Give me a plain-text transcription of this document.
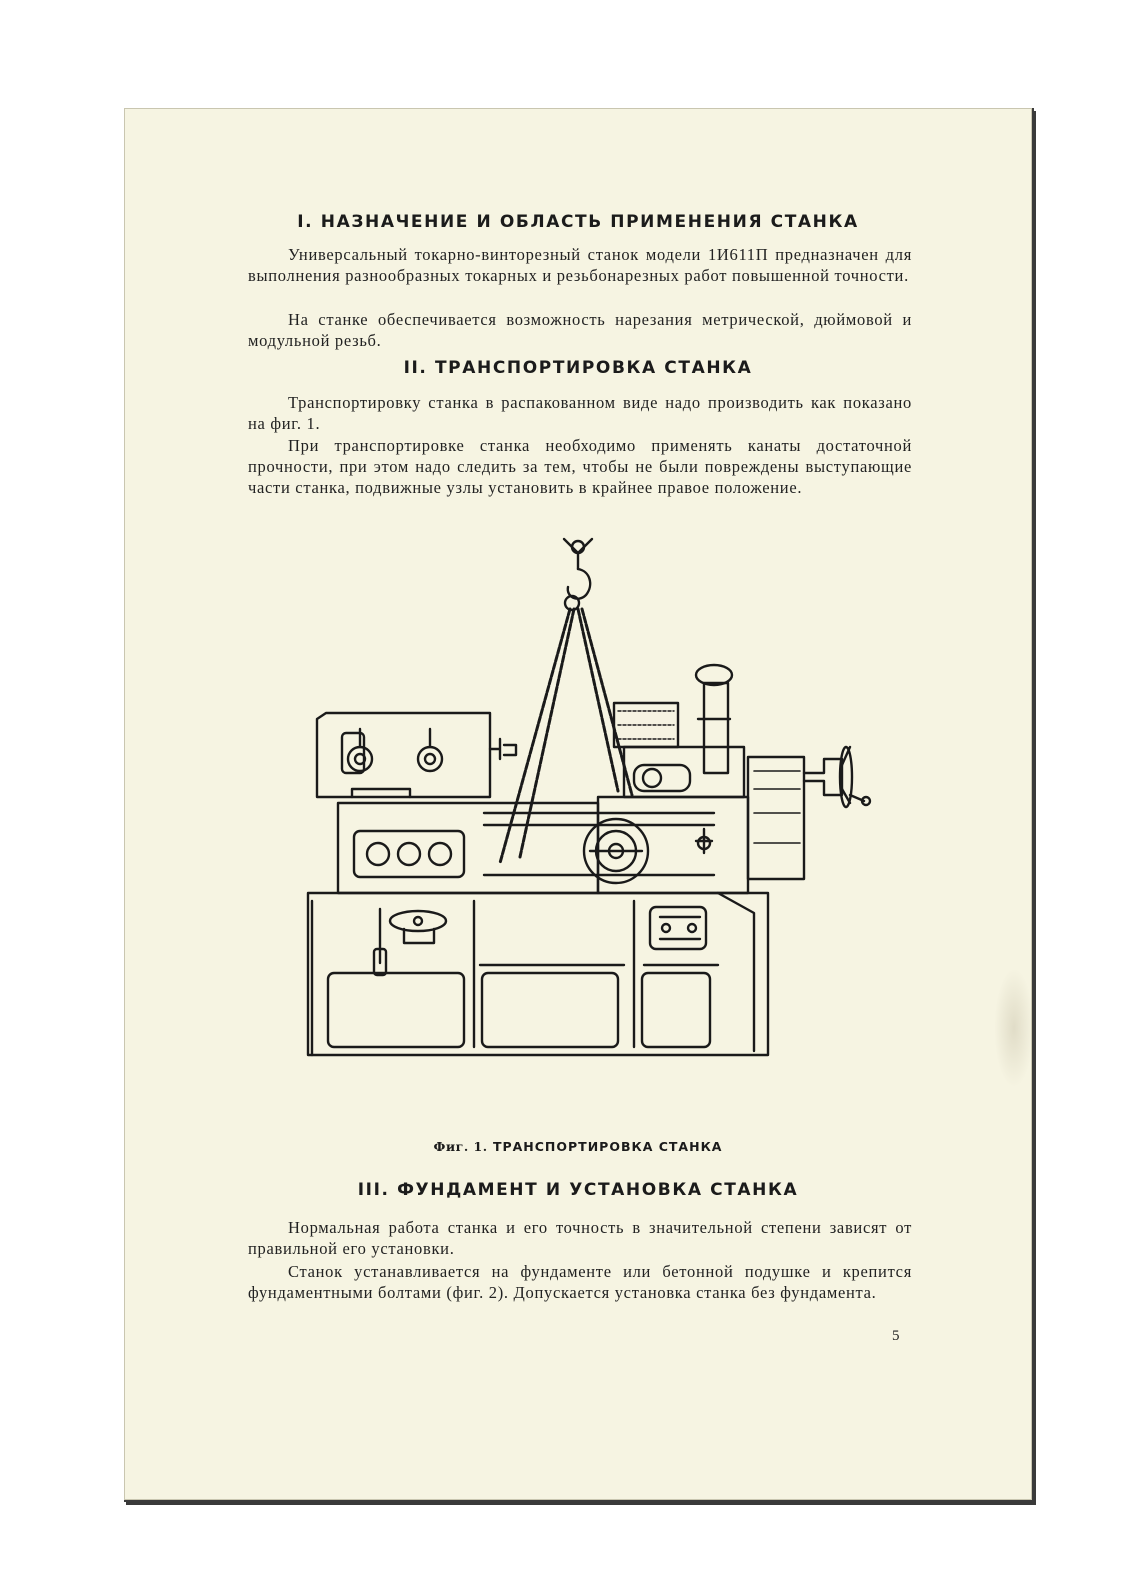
I. НАЗНАЧЕНИЕ И ОБЛАСТЬ ПРИМЕНЕНИЯ СТАНКА

Универсальный токарно-винторезный станок модели 1И611П предназначен для выполнения разнообразных токарных и резьбонарезных работ повышенной точности.

На станке обеспечивается возможность нарезания метрической, дюймовой и модульной резьб.

II. ТРАНСПОРТИРОВКА СТАНКА

Транспортировку станка в распакованном виде надо производить как показано на фиг. 1.

При транспортировке станка необходимо применять канаты достаточной прочности, при этом надо следить за тем, чтобы не были повреждены выступающие части станка, подвижные узлы установить в крайнее правое положение.

Фиг. 1. ТРАНСПОРТИРОВКА СТАНКА
III. ФУНДАМЕНТ И УСТАНОВКА СТАНКА

Нормальная работа станка и его точность в значительной степени зависят от правильной его установки.

Станок устанавливается на фундаменте или бетонной подушке и крепится фундаментными болтами (фиг. 2). Допускается установка станка без фундамента.

5
